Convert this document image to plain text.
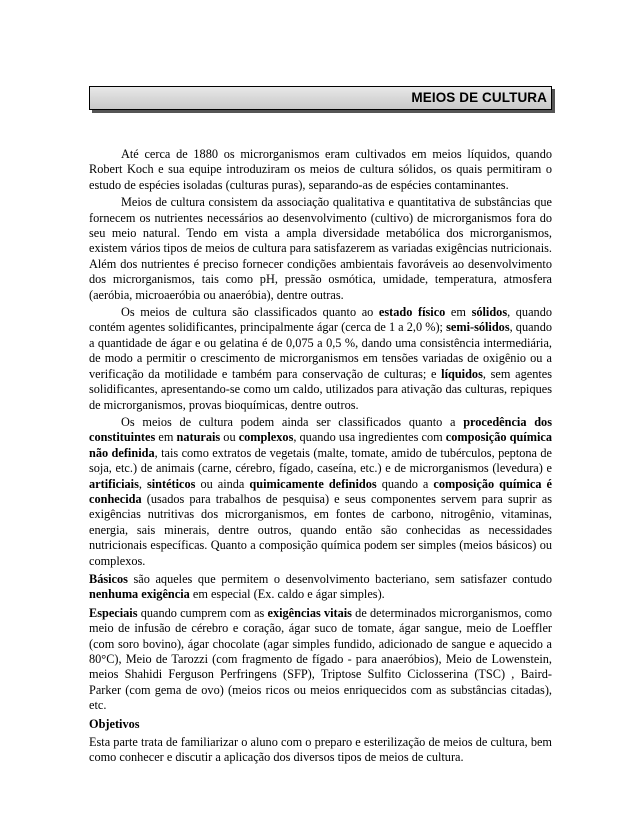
MEIOS DE CULTURA

Até cerca de 1880 os microrganismos eram cultivados em meios líquidos, quando Robert Koch e sua equipe introduziram os meios de cultura sólidos, os quais permitiram o estudo de espécies isoladas (culturas puras), separando-as de espécies contaminantes.

Meios de cultura consistem da associação qualitativa e quantitativa de substâncias que fornecem os nutrientes necessários ao desenvolvimento (cultivo) de microrganismos fora do seu meio natural. Tendo em vista a ampla diversidade metabólica dos microrganismos, existem vários tipos de meios de cultura para satisfazerem as variadas exigências nutricionais. Além dos nutrientes é preciso fornecer condições ambientais favoráveis ao desenvolvimento dos microrganismos, tais como pH, pressão osmótica, umidade, temperatura, atmosfera (aeróbia, microaeróbia ou anaeróbia), dentre outras.

Os meios de cultura são classificados quanto ao estado físico em sólidos, quando contém agentes solidificantes, principalmente ágar (cerca de 1 a 2,0 %); semi-sólidos, quando a quantidade de ágar e ou gelatina é de 0,075 a 0,5 %, dando uma consistência intermediária, de modo a permitir o crescimento de microrganismos em tensões variadas de oxigênio ou a verificação da motilidade e também para conservação de culturas; e líquidos, sem agentes solidificantes, apresentando-se como um caldo, utilizados para ativação das culturas, repiques de microrganismos, provas bioquímicas, dentre outros.

Os meios de cultura podem ainda ser classificados quanto a procedência dos constituintes em naturais ou complexos, quando usa ingredientes com composição química não definida, tais como extratos de vegetais (malte, tomate, amido de tubérculos, peptona de soja, etc.) de animais (carne, cérebro, fígado, caseína, etc.) e de microrganismos (levedura) e artificiais, sintéticos ou ainda quimicamente definidos quando a composição química é conhecida (usados para trabalhos de pesquisa) e seus componentes servem para suprir as exigências nutritivas dos microrganismos, em fontes de carbono, nitrogênio, vitaminas, energia, sais minerais, dentre outros, quando então são conhecidas as necessidades nutricionais específicas. Quanto a composição química podem ser simples (meios básicos) ou complexos.

Básicos são aqueles que permitem o desenvolvimento bacteriano, sem satisfazer contudo nenhuma exigência em especial (Ex. caldo e ágar simples).

Especiais quando cumprem com as exigências vitais de determinados microrganismos, como meio de infusão de cérebro e coração, ágar suco de tomate, ágar sangue, meio de Loeffler (com soro bovino), ágar chocolate (agar simples fundido, adicionado de sangue e aquecido a 80°C), Meio de Tarozzi (com fragmento de fígado - para anaeróbios), Meio de Lowenstein, meios Shahidi Ferguson Perfringens (SFP), Triptose Sulfito Ciclosserina (TSC) , Baird-Parker (com gema de ovo) (meios ricos ou meios enriquecidos com as substâncias citadas), etc.

Objetivos

Esta parte trata de familiarizar o aluno com o preparo e esterilização de meios de cultura, bem como conhecer e discutir a aplicação dos diversos tipos de meios de cultura.
